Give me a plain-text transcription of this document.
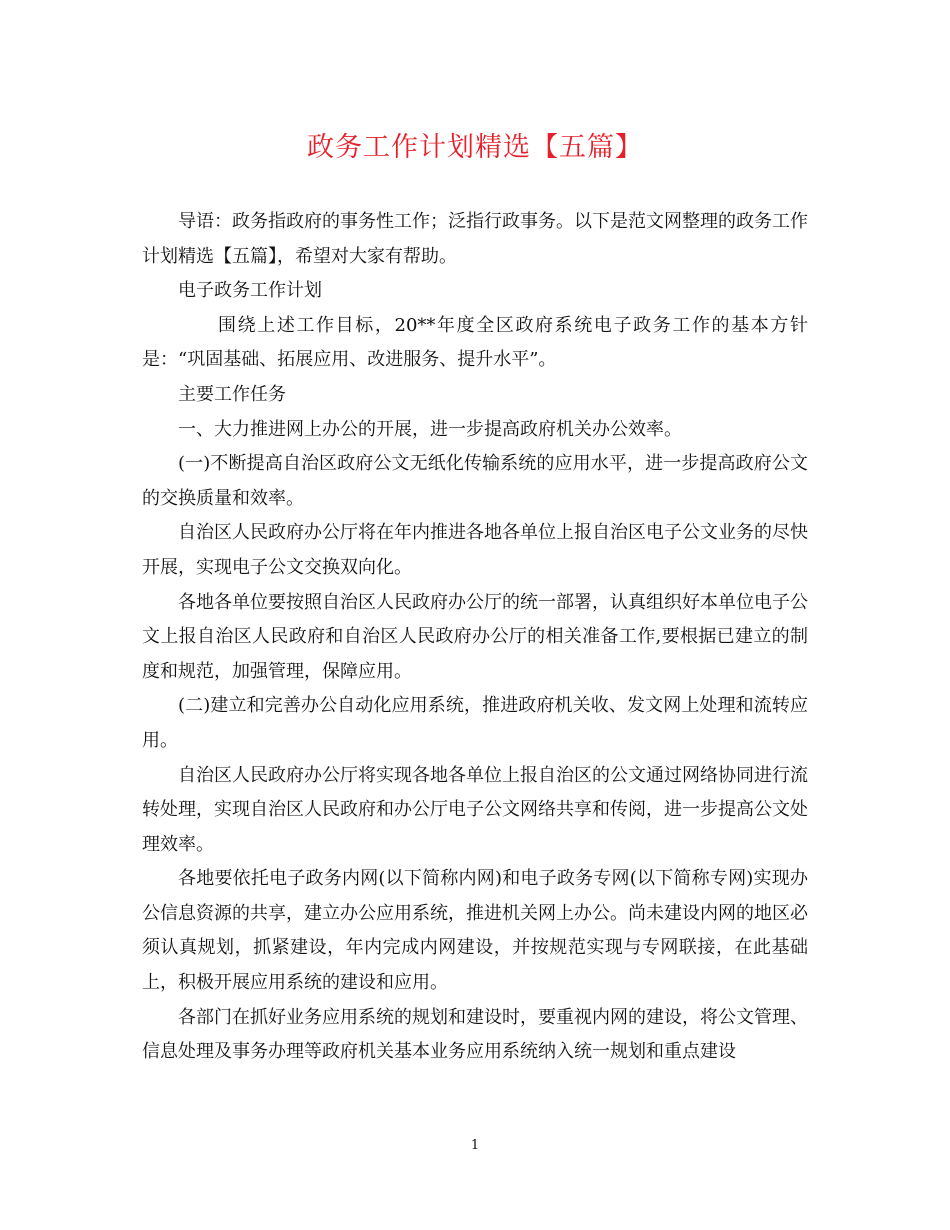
政务工作计划精选【五篇】

导语：政务指政府的事务性工作；泛指行政事务。以下是范文网整理的政务工作计划精选【五篇】，希望对大家有帮助。

电子政务工作计划

围绕上述工作目标，20**年度全区政府系统电子政务工作的基本方针是：“巩固基础、拓展应用、改进服务、提升水平”。

主要工作任务

一、大力推进网上办公的开展，进一步提高政府机关办公效率。

(一)不断提高自治区政府公文无纸化传输系统的应用水平，进一步提高政府公文的交换质量和效率。

自治区人民政府办公厅将在年内推进各地各单位上报自治区电子公文业务的尽快开展，实现电子公文交换双向化。

各地各单位要按照自治区人民政府办公厅的统一部署，认真组织好本单位电子公文上报自治区人民政府和自治区人民政府办公厅的相关准备工作,要根据已建立的制度和规范，加强管理，保障应用。

(二)建立和完善办公自动化应用系统，推进政府机关收、发文网上处理和流转应用。

自治区人民政府办公厅将实现各地各单位上报自治区的公文通过网络协同进行流转处理，实现自治区人民政府和办公厅电子公文网络共享和传阅，进一步提高公文处理效率。

各地要依托电子政务内网(以下简称内网)和电子政务专网(以下简称专网)实现办公信息资源的共享，建立办公应用系统，推进机关网上办公。尚未建设内网的地区必须认真规划，抓紧建设，年内完成内网建设，并按规范实现与专网联接，在此基础上，积极开展应用系统的建设和应用。

各部门在抓好业务应用系统的规划和建设时，要重视内网的建设，将公文管理、信息处理及事务办理等政府机关基本业务应用系统纳入统一规划和重点建设

1
